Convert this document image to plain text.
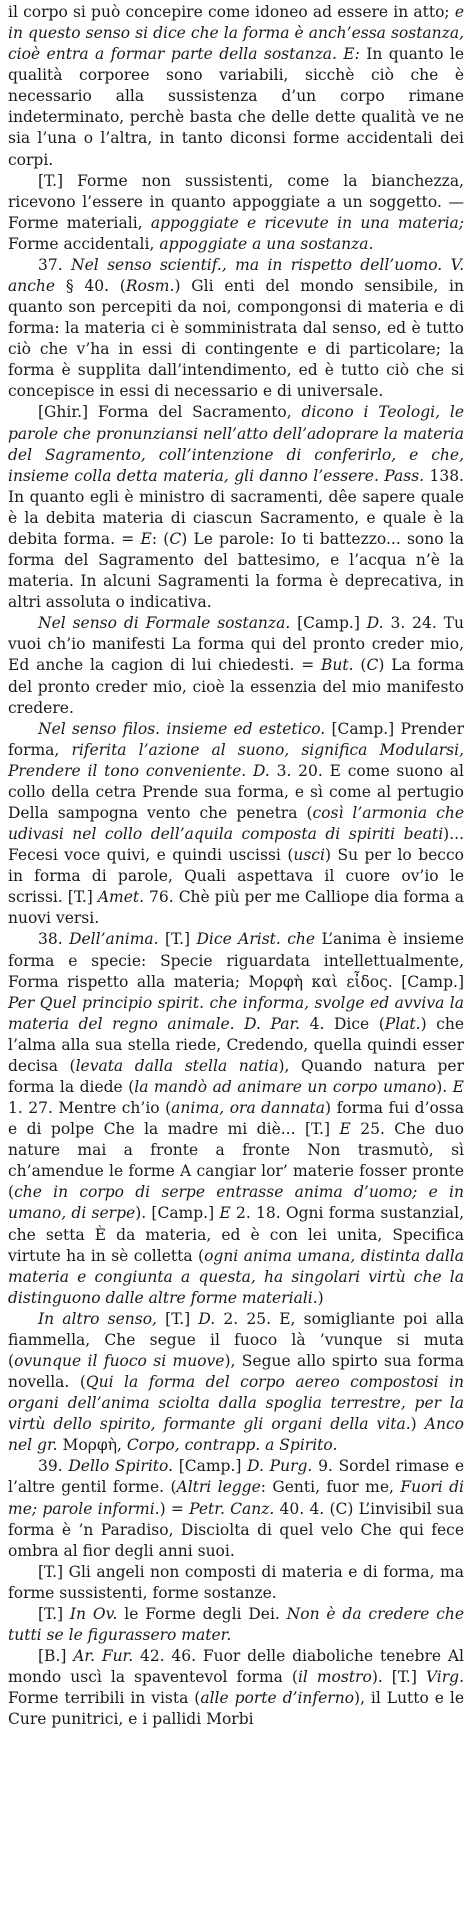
il corpo si può concepire come idoneo ad essere in atto; e in questo senso si dice che la forma è anch’essa sostanza, cioè entra a formar parte della sostanza. E: In quanto le qualità corporee sono variabili, sicchè ciò che è necessario alla sussistenza d’un corpo rimane indeterminato, perchè basta che delle dette qualità ve ne sia l’una o l’altra, in tanto diconsi forme accidentali dei corpi.

[T.] Forme non sussistenti, come la bianchezza, ricevono l’essere in quanto appoggiate a un soggetto. — Forme materiali, appoggiate e ricevute in una materia; Forme accidentali, appoggiate a una sostanza.

37. Nel senso scientif., ma in rispetto dell’uomo. V. anche § 40. (Rosm.) Gli enti del mondo sensibile, in quanto son percepiti da noi, compongonsi di materia e di forma: la materia ci è somministrata dal senso, ed è tutto ciò che v’ha in essi di contingente e di particolare; la forma è supplita dall’intendimento, ed è tutto ciò che si concepisce in essi di necessario e di universale.

[Ghir.] Forma del Sacramento, dicono i Teologi, le parole che pronunziansi nell’atto dell’adoprare la materia del Sagramento, coll’intenzione di conferirlo, e che, insieme colla detta materia, gli danno l’essere. Pass. 138. In quanto egli è ministro di sacramenti, dêe sapere quale è la debita materia di ciascun Sacramento, e quale è la debita forma. = E: (C) Le parole: Io ti battezzo... sono la forma del Sagramento del battesimo, e l’acqua n’è la materia. In alcuni Sagramenti la forma è deprecativa, in altri assoluta o indicativa.

Nel senso di Formale sostanza. [Camp.] D. 3. 24. Tu vuoi ch’io manifesti La forma qui del pronto creder mio, Ed anche la cagion di lui chiedesti. = But. (C) La forma del pronto creder mio, cioè la essenzia del mio manifesto credere.

Nel senso filos. insieme ed estetico. [Camp.] Prender forma, riferita l’azione al suono, significa Modularsi, Prendere il tono conveniente. D. 3. 20. E come suono al collo della cetra Prende sua forma, e sì come al pertugio Della sampogna vento che penetra (così l’armonia che udivasi nel collo dell’aquila composta di spiriti beati)... Fecesi voce quivi, e quindi uscissi (usci) Su per lo becco in forma di parole, Quali aspettava il cuore ov’io le scrissi. [T.] Amet. 76. Chè più per me Calliope dia forma a nuovi versi.

38. Dell’anima. [T.] Dice Arist. che L’anima è insieme forma e specie: Specie riguardata intellettualmente, Forma rispetto alla materia; Μορφὴ καὶ εἶδος. [Camp.] Per Quel principio spirit. che informa, svolge ed avviva la materia del regno animale. D. Par. 4. Dice (Plat.) che l’alma alla sua stella riede, Credendo, quella quindi esser decisa (levata dalla stella natia), Quando natura per forma la diede (la mandò ad animare un corpo umano). E 1. 27. Mentre ch’io (anima, ora dannata) forma fui d’ossa e di polpe Che la madre mi diè... [T.] E 25. Che duo nature mai a fronte a fronte Non trasmutò, sì ch’amendue le forme A cangiar lor’ materie fosser pronte (che in corpo di serpe entrasse anima d’uomo; e in umano, di serpe). [Camp.] E 2. 18. Ogni forma sustanzial, che setta È da materia, ed è con lei unita, Specifica virtute ha in sè colletta (ogni anima umana, distinta dalla materia e congiunta a questa, ha singolari virtù che la distinguono dalle altre forme materiali.)

In altro senso, [T.] D. 2. 25. E, somigliante poi alla fiammella, Che segue il fuoco là ’vunque si muta (ovunque il fuoco si muove), Segue allo spirto sua forma novella. (Qui la forma del corpo aereo compostosi in organi dell’anima sciolta dalla spoglia terrestre, per la virtù dello spirito, formante gli organi della vita.) Anco nel gr. Μορφὴ, Corpo, contrapp. a Spirito.

39. Dello Spirito. [Camp.] D. Purg. 9. Sordel rimase e l’altre gentil forme. (Altri legge: Genti, fuor me, Fuori di me; parole informi.) = Petr. Canz. 40. 4. (C) L’invisibil sua forma è ’n Paradiso, Disciolta di quel velo Che qui fece ombra al fior degli anni suoi.

[T.] Gli angeli non composti di materia e di forma, ma forme sussistenti, forme sostanze.

[T.] In Ov. le Forme degli Dei. Non è da credere che tutti se le figurassero mater.

[B.] Ar. Fur. 42. 46. Fuor delle diaboliche tenebre Al mondo uscì la spaventevol forma (il mostro). [T.] Virg. Forme terribili in vista (alle porte d’inferno), il Lutto e le Cure punitrici, e i pallidi Morbi
